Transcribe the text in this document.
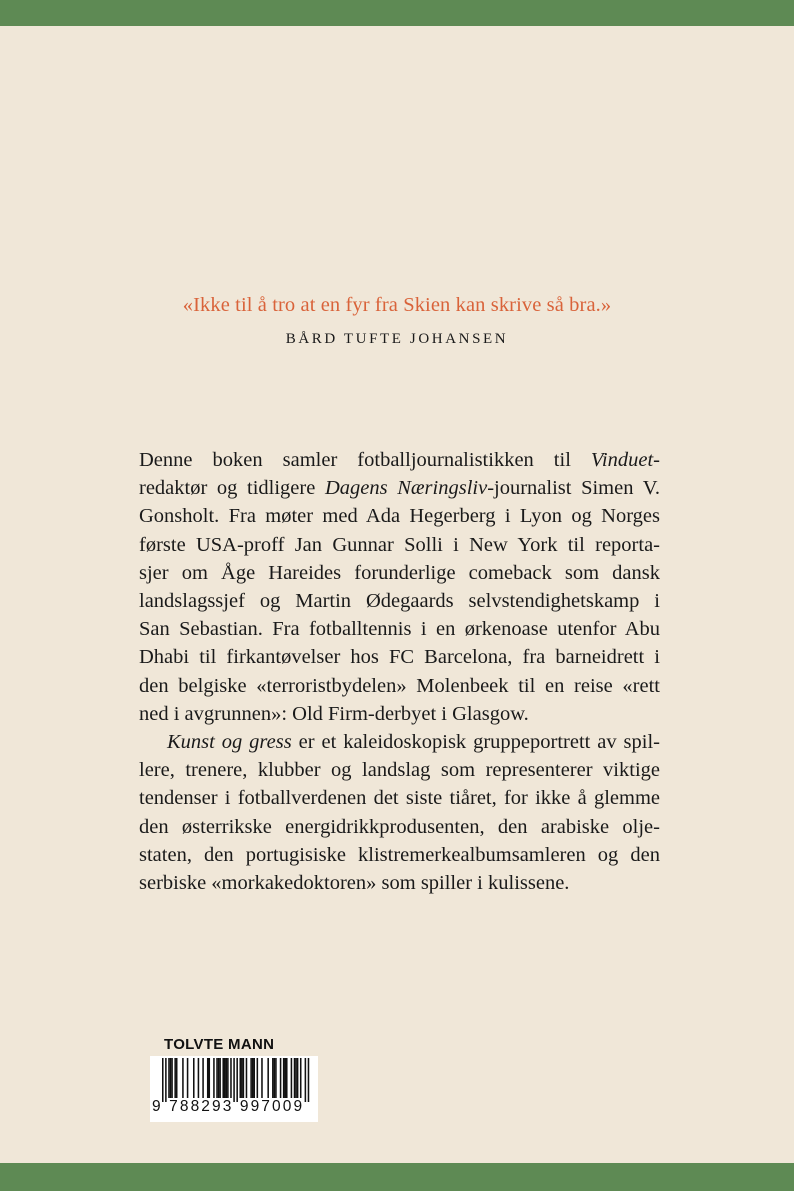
«Ikke til å tro at en fyr fra Skien kan skrive så bra.»
BÅRD TUFTE JOHANSEN

Denne boken samler fotballjournalistikken til Vinduet-
redaktør og tidligere Dagens Næringsliv-journalist Simen V.
Gonsholt. Fra møter med Ada Hegerberg i Lyon og Norges
første USA-proff Jan Gunnar Solli i New York til reporta-
sjer om Åge Hareides forunderlige comeback som dansk
landslagssjef og Martin Ødegaards selvstendighetskamp i
San Sebastian. Fra fotballtennis i en ørkenoase utenfor Abu
Dhabi til firkantøvelser hos FC Barcelona, fra barneidrett i
den belgiske «terroristbydelen» Molenbeek til en reise «rett
ned i avgrunnen»: Old Firm-derbyet i Glasgow.

Kunst og gress er et kaleidoskopisk gruppeportrett av spil-
lere, trenere, klubber og landslag som representerer viktige
tendenser i fotballverdenen det siste tiåret, for ikke å glemme
den østerrikske energidrikkprodusenten, den arabiske olje-
staten, den portugisiske klistremerkealbumsamleren og den
serbiske «morkakedoktoren» som spiller i kulissene.

TOLVTE MANN
9 788293 997009
